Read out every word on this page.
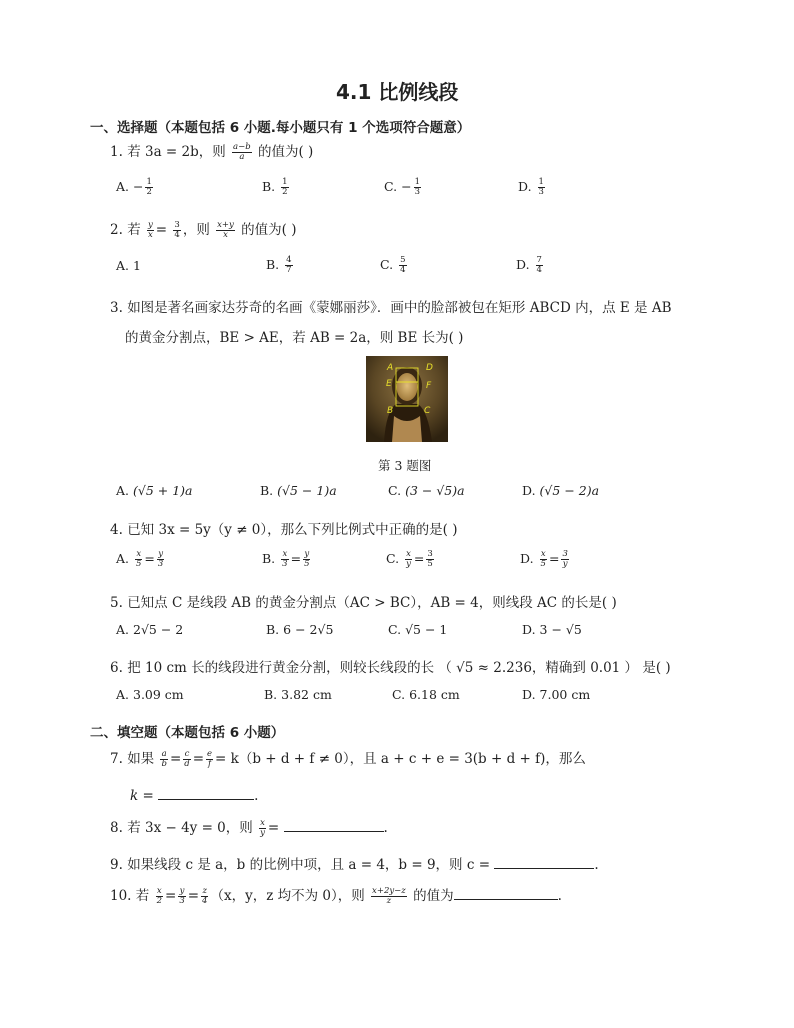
4.1 比例线段
一、选择题（本题包括 6 小题.每小题只有 1 个选项符合题意）
1. 若 3a = 2b，则 $\frac{a-b}{a}$ 的值为( )
A. − $\frac{1}{2}$	B. $\frac{1}{2}$	C. − $\frac{1}{3}$	D. $\frac{1}{3}$
2. 若 $\frac{y}{x} = \frac{3}{4}$ ，则 $\frac{x+y}{x}$ 的值为( )
A. 1	B. $\frac{4}{7}$	C. $\frac{5}{4}$	D. $\frac{7}{4}$
3. 如图是著名画家达芬奇的名画《蒙娜丽莎》．画中的脸部被包在矩形 ABCD 内，点 E 是 AB
的黄金分割点，BE > AE，若 AB = 2a，则 BE 长为( )
A	D
E	F
B	C
第 3 题图
A. (√5 + 1)a	B. (√5 − 1)a	C. (3 − √5)a	D. (√5 − 2)a
4. 已知 3x = 5y（y ≠ 0），那么下列比例式中正确的是( )
A. $\frac{x}{5} = \frac{y}{3}$	B. $\frac{x}{3} = \frac{y}{5}$	C. $\frac{x}{y} = \frac{3}{5}$	D. $\frac{x}{5} = \frac{3}{y}$
5. 已知点 C 是线段 AB 的黄金分割点（AC > BC），AB = 4，则线段 AC 的长是( )
A. 2√5 − 2	B. 6 − 2√5	C. √5 − 1	D. 3 − √5
6. 把 10 cm 长的线段进行黄金分割，则较长线段的长 （ √5 ≈ 2.236，精确到 0.01 ） 是( )
A. 3.09 cm	B. 3.82 cm	C. 6.18 cm	D. 7.00 cm
二、填空题（本题包括 6 小题）
7. 如果 $\frac{a}{b} = \frac{c}{d} = \frac{e}{f} = k(b + d + f \ne 0)$，且 a + c + e = 3(b + d + f)，那么
k =	.
8. 若 3x − 4y = 0，则 $\frac{x}{y}$ =	.
9. 如果线段 c 是 a，b 的比例中项，且 a = 4，b = 9，则 c =	.
10. 若 $\frac{x}{2} = \frac{y}{3} = \frac{z}{4} (x$，y，z 均不为 0），则 $\frac{x+2y-z}{z}$ 的值为	.
